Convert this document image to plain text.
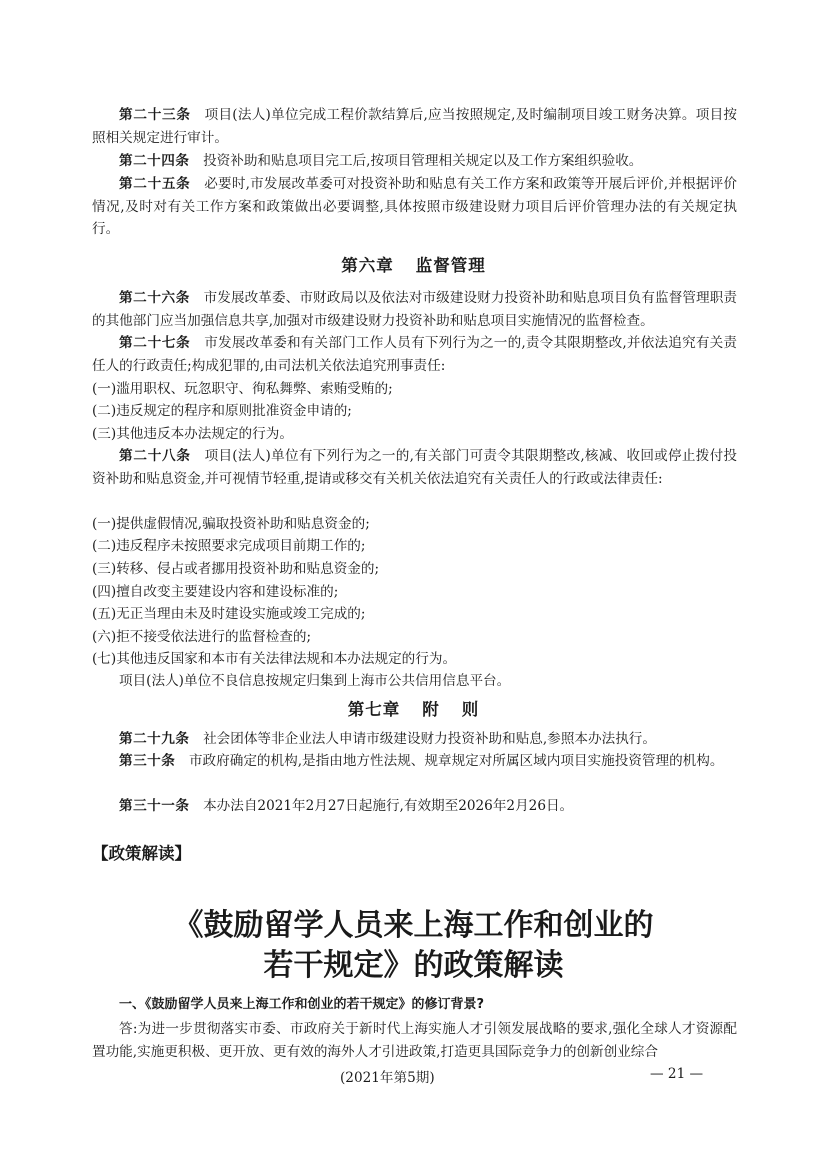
第二十三条　 项目(法人)单位完成工程价款结算后,应当按照规定,及时编制项目竣工财务决算。项目按照相关规定进行审计。

第二十四条　 投资补助和贴息项目完工后,按项目管理相关规定以及工作方案组织验收。

第二十五条　 必要时,市发展改革委可对投资补助和贴息有关工作方案和政策等开展后评价,并根据评价情况,及时对有关工作方案和政策做出必要调整,具体按照市级建设财力项目后评价管理办法的有关规定执行。

第六章 监督管理

第二十六条　 市发展改革委、市财政局以及依法对市级建设财力投资补助和贴息项目负有监督管理职责的其他部门应当加强信息共享,加强对市级建设财力投资补助和贴息项目实施情况的监督检查。

第二十七条　 市发展改革委和有关部门工作人员有下列行为之一的,责令其限期整改,并依法追究有关责任人的行政责任;构成犯罪的,由司法机关依法追究刑事责任:

(一)滥用职权、玩忽职守、徇私舞弊、索贿受贿的;

(二)违反规定的程序和原则批准资金申请的;

(三)其他违反本办法规定的行为。

第二十八条　 项目(法人)单位有下列行为之一的,有关部门可责令其限期整改,核减、收回或停止拨付投资补助和贴息资金,并可视情节轻重,提请或移交有关机关依法追究有关责任人的行政或法律责任:

(一)提供虚假情况,骗取投资补助和贴息资金的;

(二)违反程序未按照要求完成项目前期工作的;

(三)转移、侵占或者挪用投资补助和贴息资金的;

(四)擅自改变主要建设内容和建设标准的;

(五)无正当理由未及时建设实施或竣工完成的;

(六)拒不接受依法进行的监督检查的;

(七)其他违反国家和本市有关法律法规和本办法规定的行为。

项目(法人)单位不良信息按规定归集到上海市公共信用信息平台。

第七章 附 则

第二十九条　 社会团体等非企业法人申请市级建设财力投资补助和贴息,参照本办法执行。

第三十条　 市政府确定的机构,是指由地方性法规、规章规定对所属区域内项目实施投资管理的机构。

第三十一条　 本办法自2021年2月27日起施行,有效期至2026年2月26日。

【政策解读】

《鼓励留学人员来上海工作和创业的
若干规定》的政策解读

一、《鼓励留学人员来上海工作和创业的若干规定》的修订背景?

答:为进一步贯彻落实市委、市政府关于新时代上海实施人才引领发展战略的要求,强化全球人才资源配置功能,实施更积极、更开放、更有效的海外人才引进政策,打造更具国际竞争力的创新创业综合

(2021年第5期)	— 21 —
